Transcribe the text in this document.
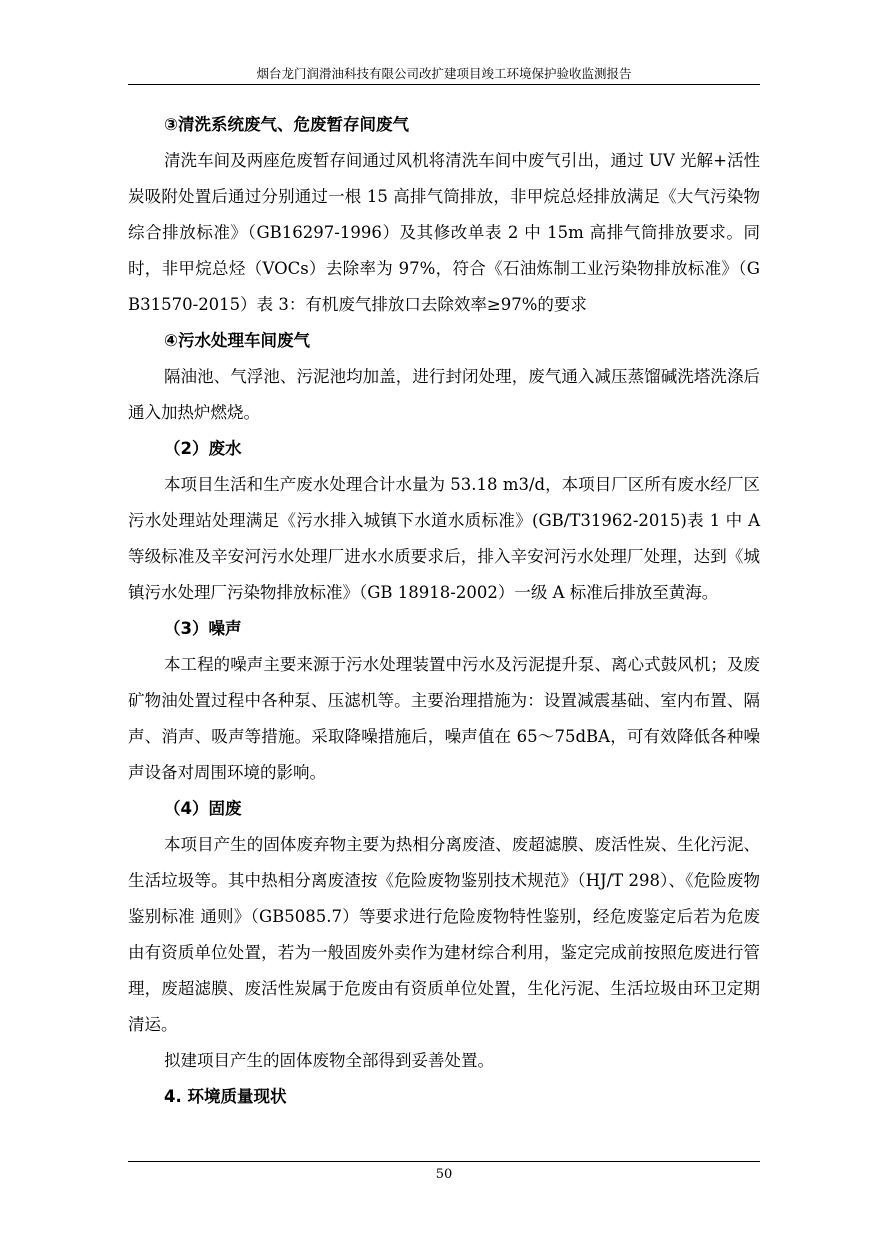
烟台龙门润滑油科技有限公司改扩建项目竣工环境保护验收监测报告
③清洗系统废气、危废暂存间废气
清洗车间及两座危废暂存间通过风机将清洗车间中废气引出，通过 UV 光解+活性炭吸附处置后通过分别通过一根 15 高排气筒排放，非甲烷总烃排放满足《大气污染物综合排放标准》（GB16297-1996）及其修改单表 2 中 15m 高排气筒排放要求。同时，非甲烷总烃（VOCs）去除率为 97%，符合《石油炼制工业污染物排放标准》（GB31570-2015）表 3：有机废气排放口去除效率≥97%的要求
④污水处理车间废气
隔油池、气浮池、污泥池均加盖，进行封闭处理，废气通入减压蒸馏碱洗塔洗涤后通入加热炉燃烧。
（2）废水
本项目生活和生产废水处理合计水量为 53.18 m3/d，本项目厂区所有废水经厂区污水处理站处理满足《污水排入城镇下水道水质标准》(GB/T31962-2015)表 1 中 A 等级标准及辛安河污水处理厂进水水质要求后，排入辛安河污水处理厂处理，达到《城镇污水处理厂污染物排放标准》（GB 18918-2002）一级 A 标准后排放至黄海。
（3）噪声
本工程的噪声主要来源于污水处理装置中污水及污泥提升泵、离心式鼓风机；及废矿物油处置过程中各种泵、压滤机等。主要治理措施为：设置减震基础、室内布置、隔声、消声、吸声等措施。采取降噪措施后，噪声值在 65～75dBA，可有效降低各种噪声设备对周围环境的影响。
（4）固废
本项目产生的固体废弃物主要为热相分离废渣、废超滤膜、废活性炭、生化污泥、生活垃圾等。其中热相分离废渣按《危险废物鉴别技术规范》（HJ/T 298）、《危险废物鉴别标准 通则》（GB5085.7）等要求进行危险废物特性鉴别，经危废鉴定后若为危废由有资质单位处置，若为一般固废外卖作为建材综合利用，鉴定完成前按照危废进行管理，废超滤膜、废活性炭属于危废由有资质单位处置，生化污泥、生活垃圾由环卫定期清运。
拟建项目产生的固体废物全部得到妥善处置。
4. 环境质量现状
50
